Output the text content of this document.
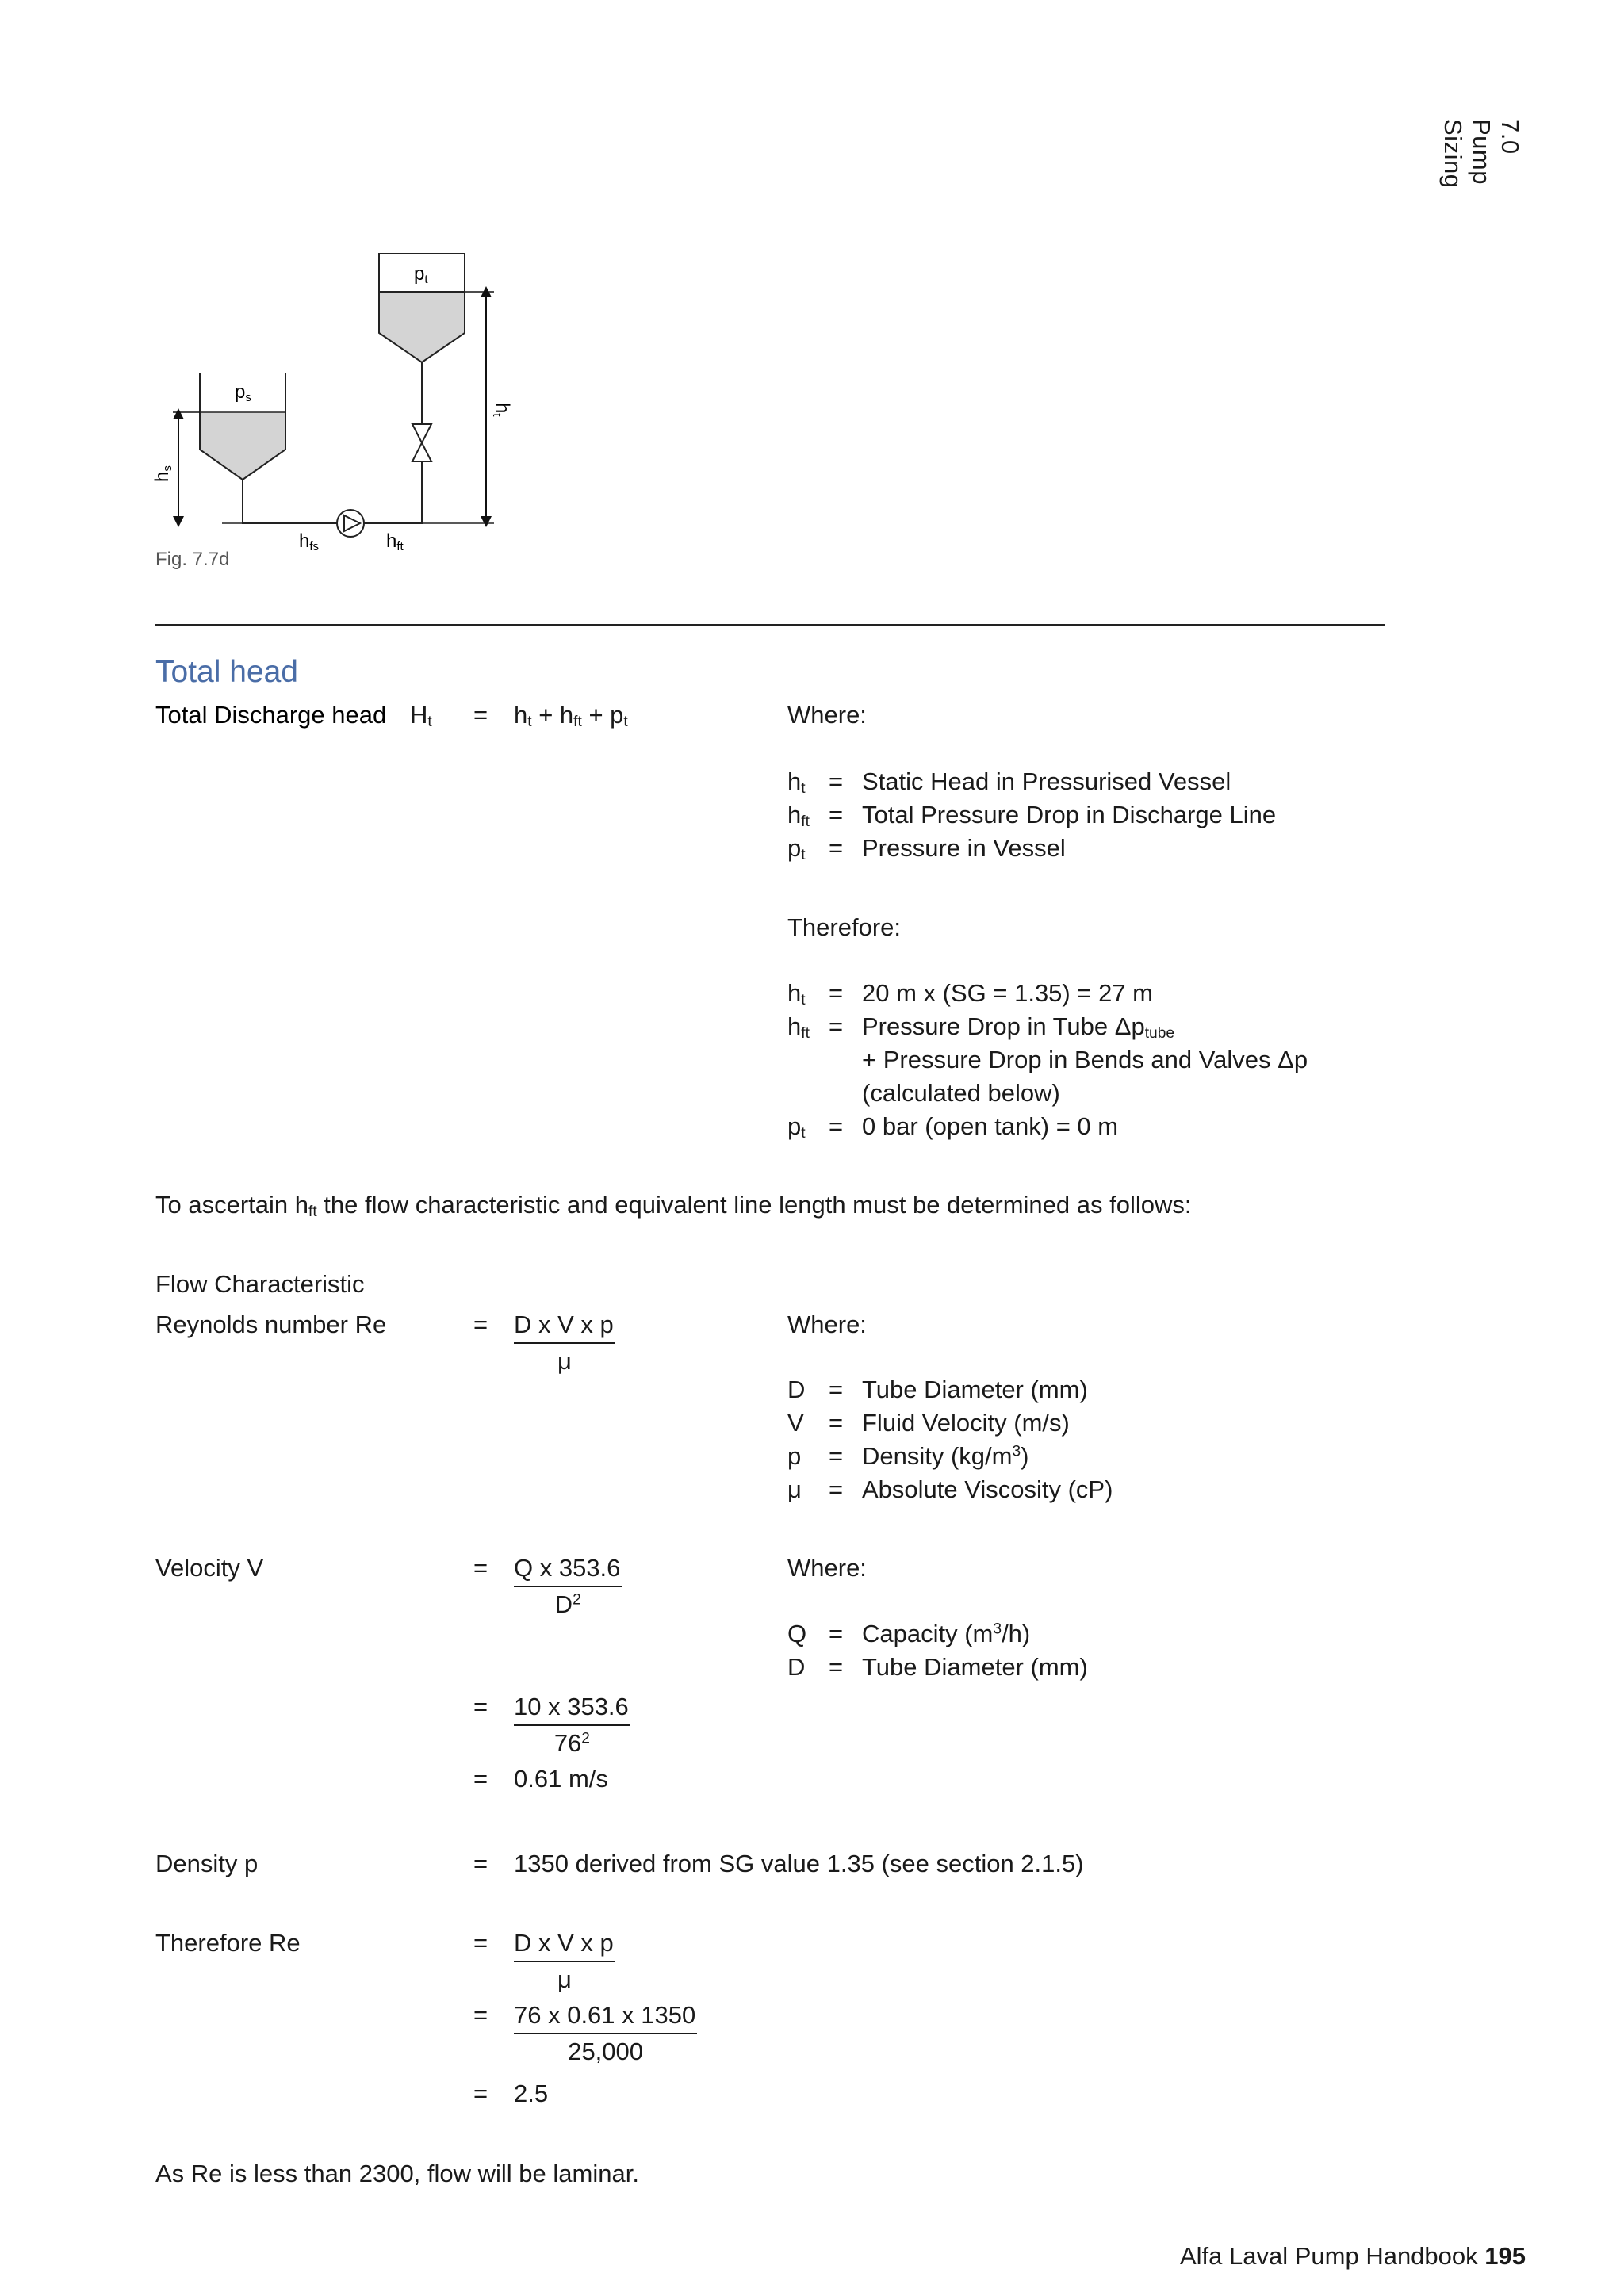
7.0 Pump Sizing
pt
ps
hs
ht
hfs	hft
Fig. 7.7d
Total head
Total Discharge head $H_t = h_t + h_{ft} + p_t$	Where:
$h_t$ = Static Head in Pressurised Vessel
$h_{ft}$ = Total Pressure Drop in Discharge Line
$p_t$ = Pressure in Vessel
Therefore:
$h_t = 20$ m x (SG = 1.35) = 27 m
$h_{ft}$ = Pressure Drop in Tube $\Delta p_{tube}$
+ Pressure Drop in Bends and Valves Δp
(calculated below)
$p_t = 0$ bar (open tank) = 0 m
To ascertain $h_{ft}$ the flow characteristic and equivalent line length must be determined as follows:
Flow Characteristic
Reynolds number Re	= $\frac{\text{D x V x p}}{\mu}$	Where:
D = Tube Diameter (mm)
V = Fluid Velocity (m/s)
p = Density $(kg/m^3)$
μ = Absolute Viscosity (cP)
Velocity V	= $\frac{\text{Q x 353.6}}{D^2}$	Where:
Q = Capacity $(m^3/h)$
D = Tube Diameter (mm)
= $\frac{10 x 353.6}{76^2}$
= 0.61 m/s
Density p	= 1350 derived from SG value 1.35 (see section 2.1.5)
Therefore Re	= $\frac{\text{D x V x p}}{\mu}$
= $\frac{76 x 0.61 x 1350}{25,000}$
= 2.5
As Re is less than 2300, flow will be laminar.
Alfa Laval Pump Handbook 195
